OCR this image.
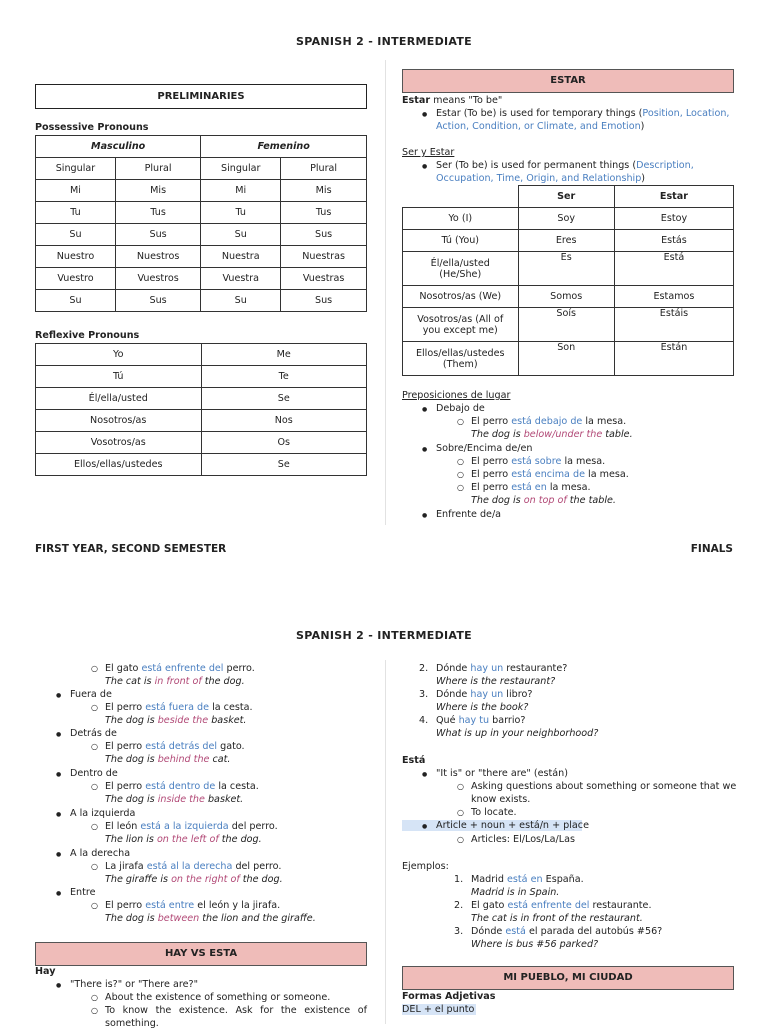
SPANISH 2 - INTERMEDIATE
PRELIMINARIES
Possessive Pronouns
Masculino		Femenino	
Singular	Plural	Singular	Plural
Mi	Mis	Mi	Mis
Tu	Tus	Tu	Tus
Su	Sus	Su	Sus
Nuestro	Nuestros	Nuestra	Nuestras
Vuestro	Vuestros	Vuestra	Vuestras
Su	Sus	Su	Sus
Reflexive Pronouns
Yo	Me
Tú	Te
Él/ella/usted	Se
Nosotros/as	Nos
Vosotros/as	Os
Ellos/ellas/ustedes	Se
ESTAR
Estar means "To be"
● Estar (To be) is used for temporary things (Position, Location,
Action, Condition, or Climate, and Emotion)
Ser y Estar
● Ser (To be) is used for permanent things (Description,
Occupation, Time, Origin, and Relationship)
	Ser	Estar
Yo (I)	Soy	Estoy
Tú (You)	Eres	Estás
Él/ella/usted
(He/She)	Es	Está
Nosotros/as (We)	Somos	Estamos
Vosotros/as (All of
you except me)	Soís	Estáis
Ellos/ellas/ustedes
(Them)	Son	Están
Preposiciones de lugar
● Debajo de
○ El perro está debajo de la mesa.
The dog is below/under the table.
● Sobre/Encima de/en
○ El perro está sobre la mesa.
○ El perro está encima de la mesa.
○ El perro está en la mesa.
The dog is on top of the table.
● Enfrente de/a
FIRST YEAR, SECOND SEMESTER	FINALS
SPANISH 2 - INTERMEDIATE
○ El gato está enfrente del perro.
The cat is in front of the dog.
● Fuera de
○ El perro está fuera de la cesta.
The dog is beside the basket.
● Detrás de
○ El perro está detrás del gato.
The dog is behind the cat.
● Dentro de
○ El perro está dentro de la cesta.
The dog is inside the basket.
● A la izquierda
○ El león está a la izquierda del perro.
The lion is on the left of the dog.
● A la derecha
○ La jirafa está al la derecha del perro.
The giraffe is on the right of the dog.
● Entre
○ El perro está entre el león y la jirafa.
The dog is between the lion and the giraffe.
HAY VS ESTA
Hay
● "There is?" or "There are?"
○ About the existence of something or someone.
○ To know the existence. Ask for the existence of
something.
2. Dónde hay un restaurante?
Where is the restaurant?
3. Dónde hay un libro?
Where is the book?
4. Qué hay tu barrio?
What is up in your neighborhood?
Está
● "It is" or "there are" (están)
○ Asking questions about something or someone that we
know exists.
○ To locate.
● Article + noun + está/n + place
○ Articles: El/Los/La/Las
Ejemplos:
1. Madrid está en España.
Madrid is in Spain.
2. El gato está enfrente del restaurante.
The cat is in front of the restaurant.
3. Dónde está el parada del autobús #56?
Where is bus #56 parked?
MI PUEBLO, MI CIUDAD
Formas Adjetivas
DEL + el punto
